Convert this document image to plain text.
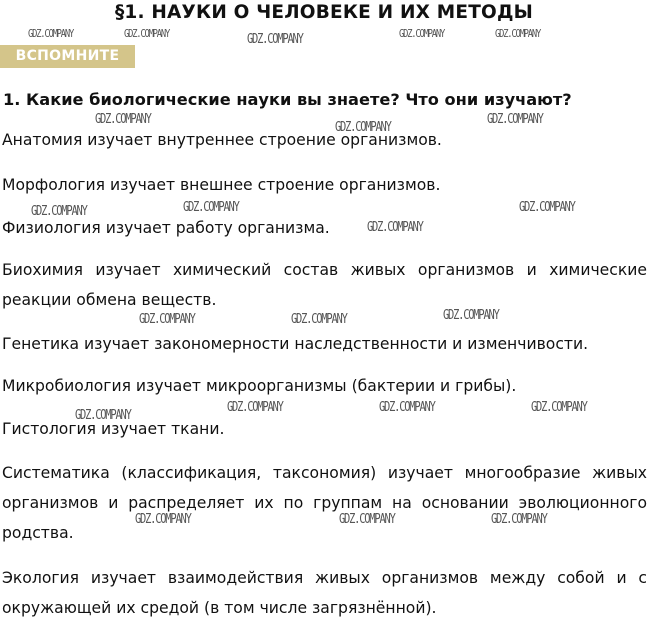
§1. НАУКИ О ЧЕЛОВЕКЕ И ИХ МЕТОДЫ
ВСПОМНИТЕ
1. Какие биологические науки вы знаете? Что они изучают?
Анатомия изучает внутреннее строение организмов.
Морфология изучает внешнее строение организмов.
Физиология изучает работу организма.
Биохимия изучает химический состав живых организмов и химические реакции обмена веществ.
Генетика изучает закономерности наследственности и изменчивости.
Микробиология изучает микроорганизмы (бактерии и грибы).
Гистология изучает ткани.
Систематика (классификация, таксономия) изучает многообразие живых организмов и распределяет их по группам на основании эволюционного родства.
Экология изучает взаимодействия живых организмов между собой и с окружающей их средой (в том числе загрязнённой).
GDZ.COMPANY	GDZ.COMPANY	GDZ.COMPANY	GDZ.COMPANY	GDZ.COMPANY
GDZ.COMPANY
GDZ.COMPANY
GDZ.COMPANY
GDZ.COMPANY	GDZ.COMPANY
GDZ.COMPANY
GDZ.COMPANY
GDZ.COMPANY	GDZ.COMPANY	GDZ.COMPANY
GDZ.COMPANY
GDZ.COMPANY	GDZ.COMPANY	GDZ.COMPANY
GDZ.COMPANY	GDZ.COMPANY	GDZ.COMPANY
